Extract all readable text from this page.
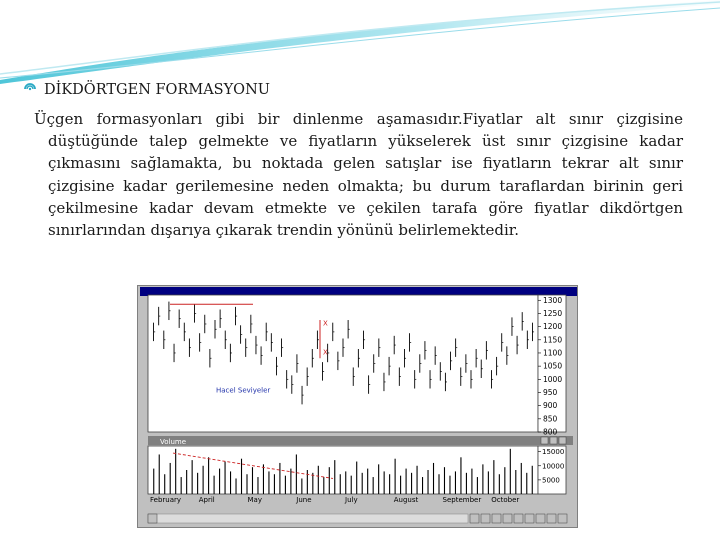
DİKDÖRTGEN FORMASYONU

Üçgen formasyonları gibi bir dinlenme aşamasıdır.Fiyatlar alt sınır çizgisine düştüğünde talep gelmekte ve fiyatların yükselerek üst sınır çizgisine kadar çıkmasını sağlamakta, bu noktada gelen satışlar ise fiyatların tekrar alt sınır çizgisine kadar gerilemesine neden olmakta; bu durum taraflardan birinin geri çekilmesine kadar devam etmekte ve çekilen tarafa göre fiyatlar dikdörtgen sınırlarından dışarıya çıkarak trendin yönünü belirlemektedir.

Volume
1300
1250
1200
1150
1100
1050
1000
950
900
850
800
X
X
Hacel Seviyeler
15000
10000
5000
February	April	May	June	July	August	September October
